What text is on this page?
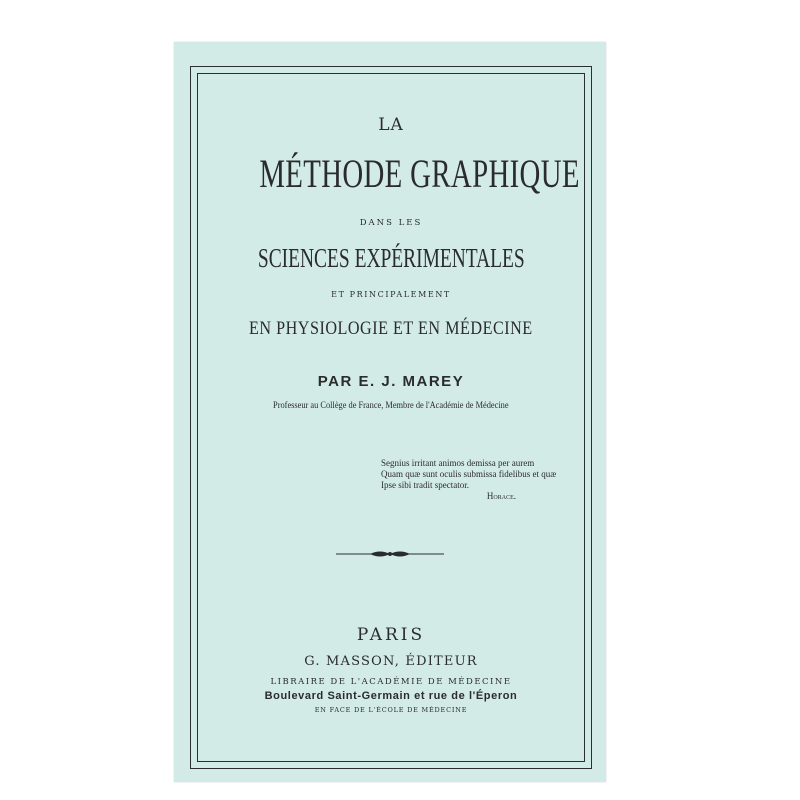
LA
MÉTHODE GRAPHIQUE
DANS LES
SCIENCES EXPÉRIMENTALES
ET PRINCIPALEMENT
EN PHYSIOLOGIE ET EN MÉDECINE
PAR E. J. MAREY
Professeur au Collège de France, Membre de l'Académie de Médecine
Segnius irritant animos demissa per aurem
Quam quæ sunt oculis submissa fidelibus et quæ
Ipse sibi tradit spectator.
Horace.
PARIS
G. MASSON, ÉDITEUR
LIBRAIRE DE L'ACADÉMIE DE MÉDECINE
Boulevard Saint-Germain et rue de l'Éperon
EN FACE DE L'ÉCOLE DE MÉDECINE
